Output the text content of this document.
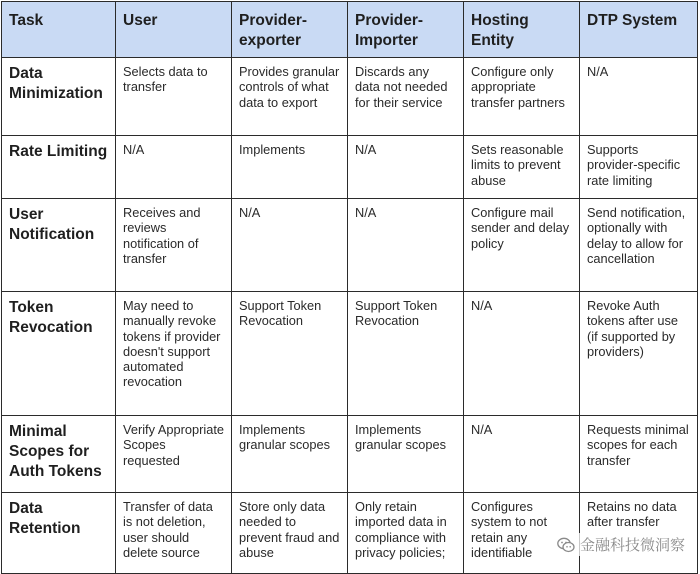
Task	User	Provider-exporter	Provider-Importer	Hosting Entity	DTP System
Data Minimization	Selects data to transfer	Provides granular controls of what data to export	Discards any data not needed for their service	Configure only appropriate transfer partners	N/A
Rate Limiting	N/A	Implements	N/A	Sets reasonable limits to prevent abuse	Supports provider-specific rate limiting
User Notification	Receives and reviews notification of transfer	N/A	N/A	Configure mail sender and delay policy	Send notification, optionally with delay to allow for cancellation
Token Revocation	May need to manually revoke tokens if provider doesn't support automated revocation	Support Token Revocation	Support Token Revocation	N/A	Revoke Auth tokens after use (if supported by providers)
Minimal Scopes for Auth Tokens	Verify Appropriate Scopes requested	Implements granular scopes	Implements granular scopes	N/A	Requests minimal scopes for each transfer
Data Retention	Transfer of data is not deletion, user should delete source	Store only data needed to prevent fraud and abuse	Only retain imported data in compliance with privacy policies;	Configures system to not retain any identifiable	Retains no data after transfer
金融科技微洞察
